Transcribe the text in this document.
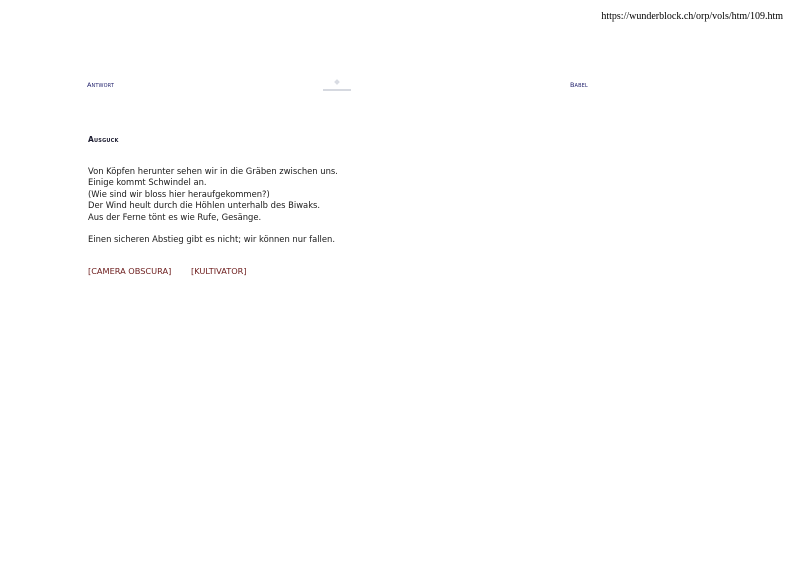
https://wunderblock.ch/orp/vols/htm/109.htm
Antwort	Babel
Ausguck
Von Köpfen herunter sehen wir in die Gräben zwischen uns.
Einige kommt Schwindel an.
(Wie sind wir bloss hier heraufgekommen?)
Der Wind heult durch die Höhlen unterhalb des Biwaks.
Aus der Ferne tönt es wie Rufe, Gesänge.
Einen sicheren Abstieg gibt es nicht; wir können nur fallen.
[CAMERA OBSCURA] [KULTIVATOR]
